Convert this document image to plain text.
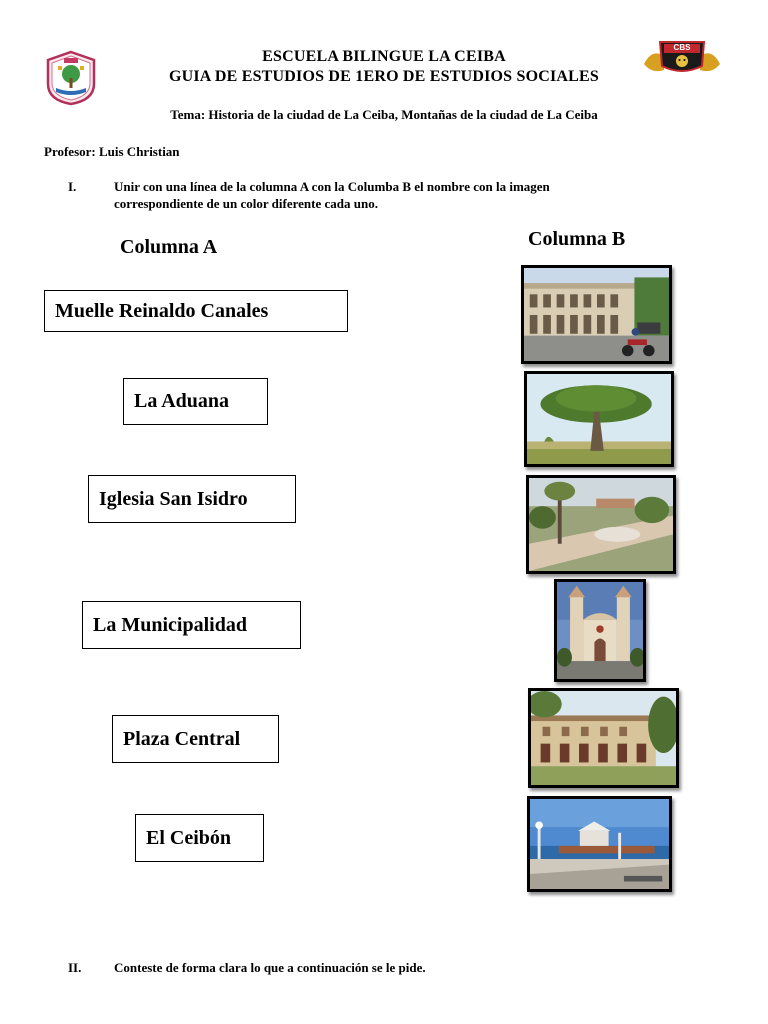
CBS
ESCUELA BILINGUE LA CEIBA
GUIA DE ESTUDIOS DE 1ERO DE ESTUDIOS SOCIALES
Tema: Historia de la ciudad de La Ceiba, Montañas de la ciudad de La Ceiba
Profesor: Luis Christian
I.	Unir con una línea de la columna A con la Columba B el nombre con la imagen
correspondiente de un color diferente cada uno.
Columna A	Columna B
Muelle Reinaldo Canales
La Aduana
Iglesia San Isidro
La Municipalidad
Plaza Central
El Ceibón
II.	Conteste de forma clara lo que a continuación se le pide.
